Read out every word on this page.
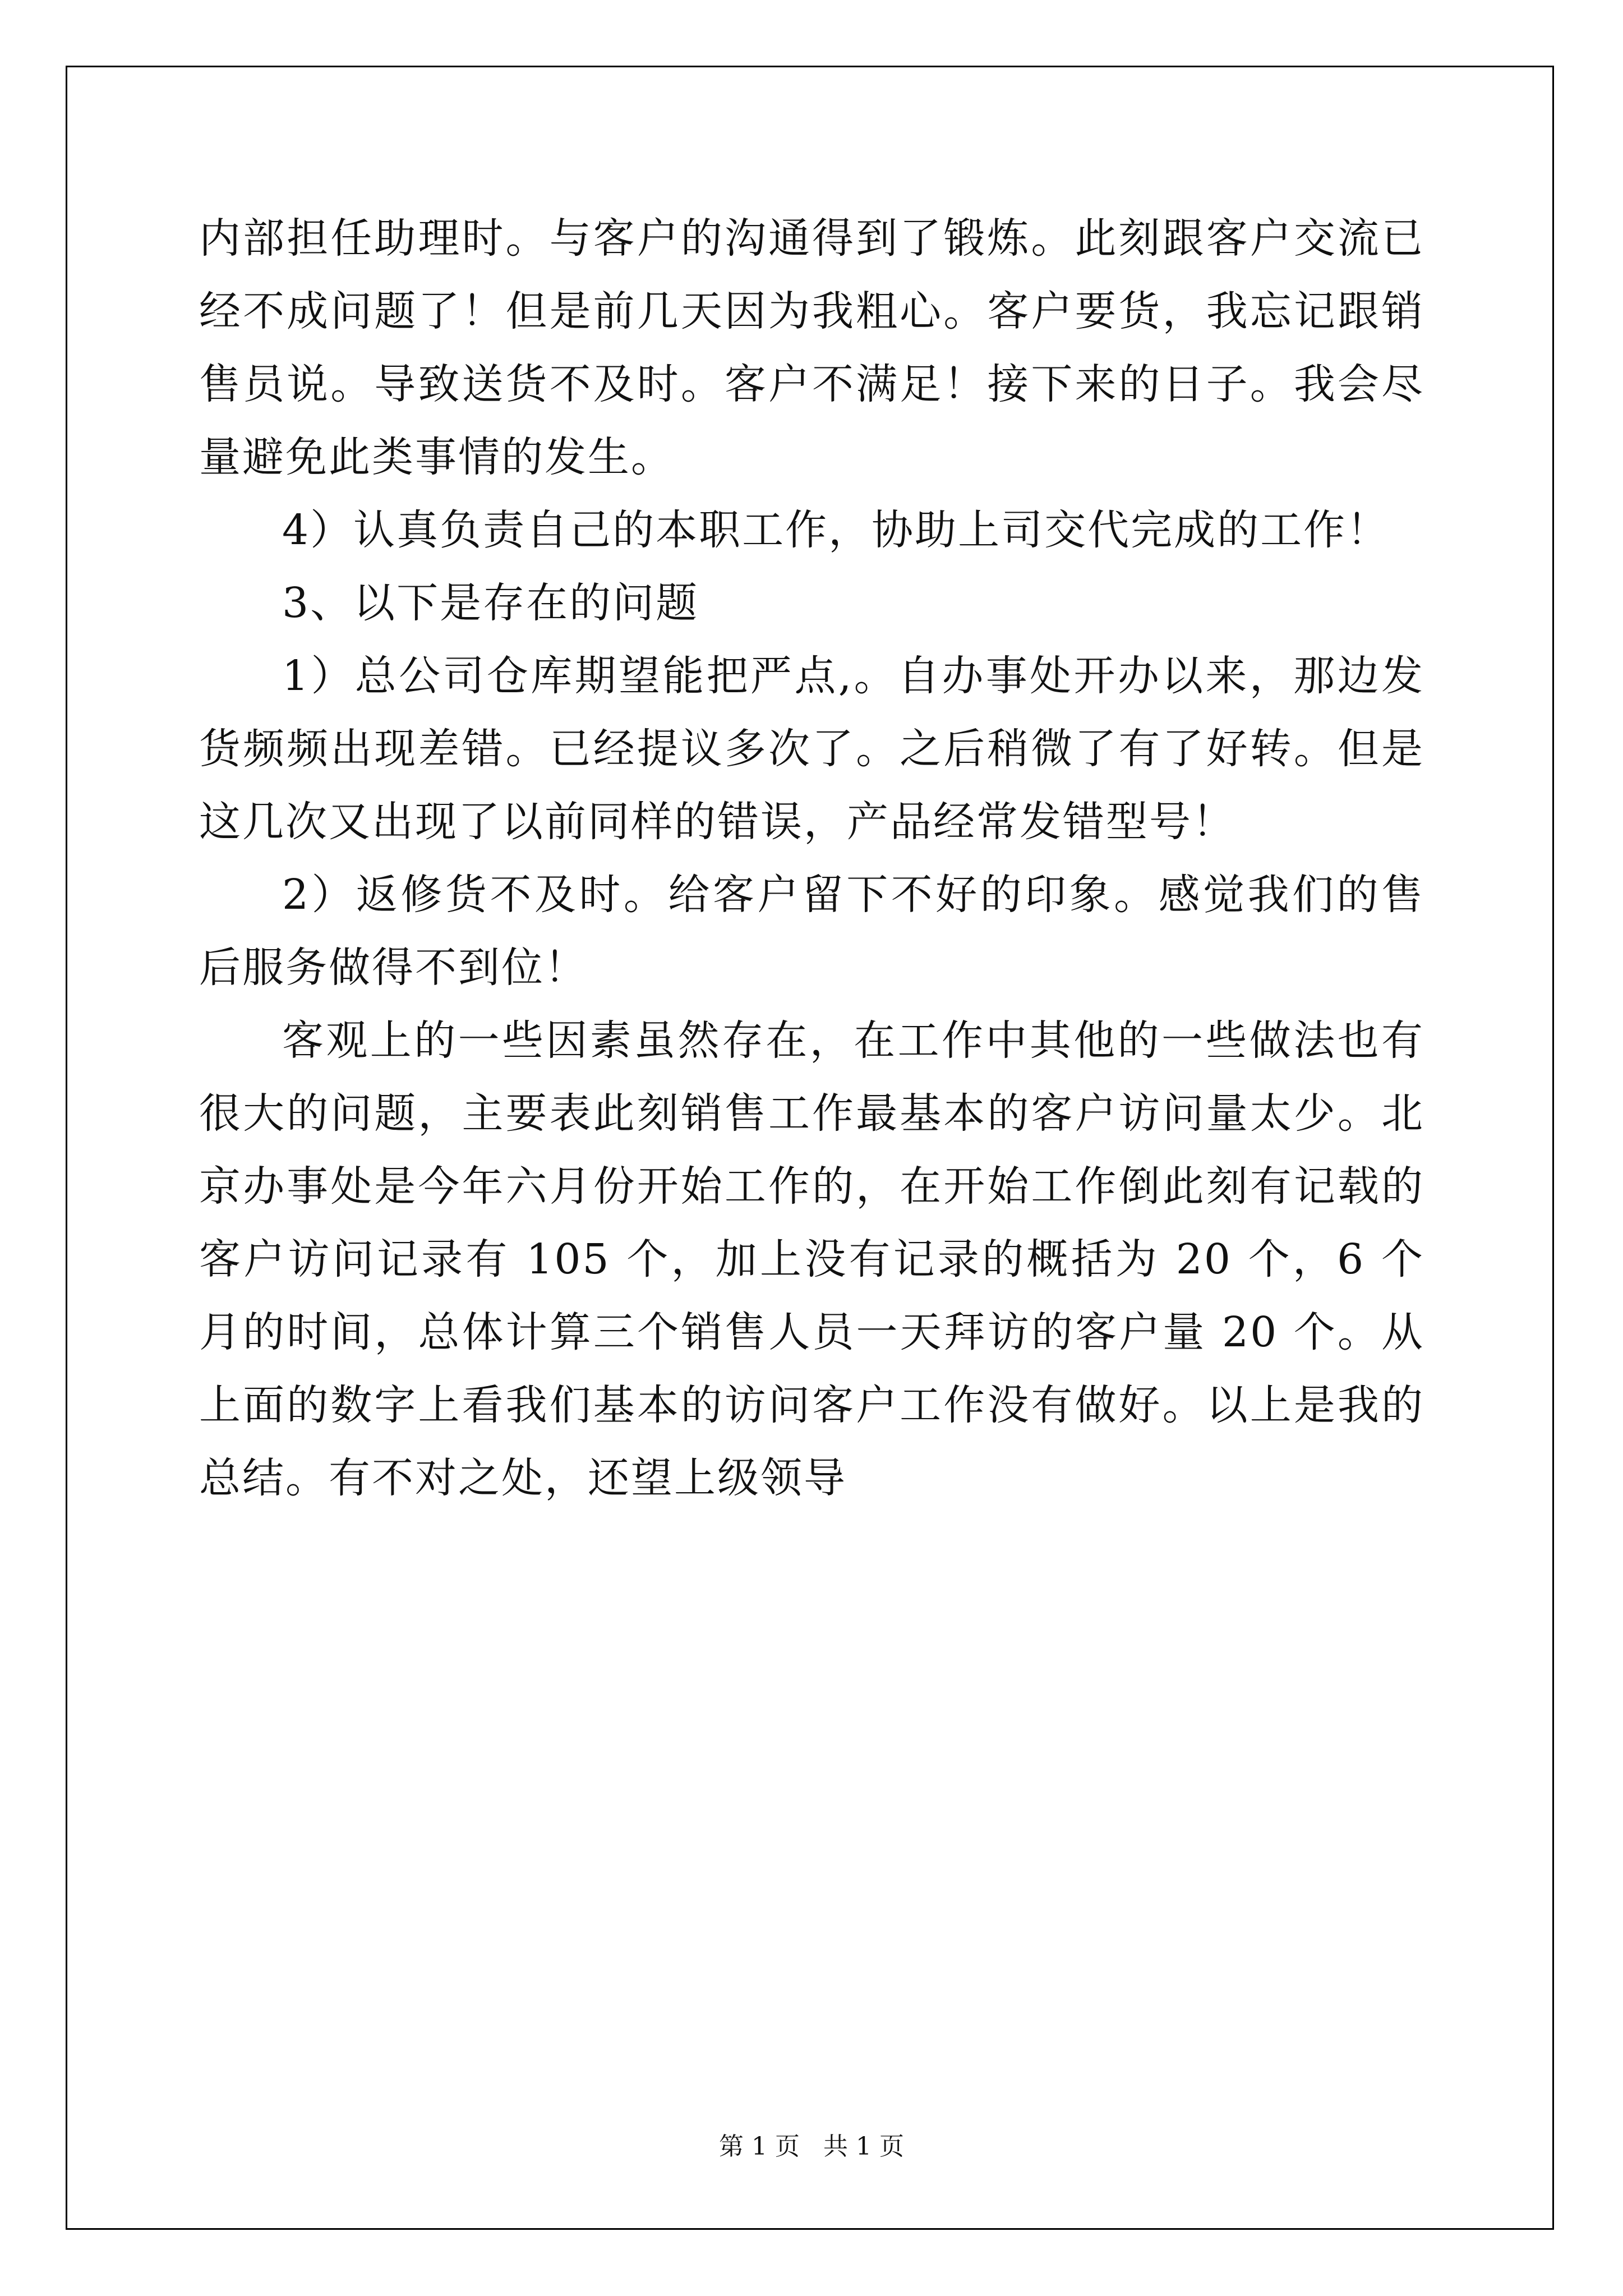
内部担任助理时。与客户的沟通得到了锻炼。此刻跟客户交流已经不成问题了！但是前几天因为我粗心。客户要货，我忘记跟销售员说。导致送货不及时。客户不满足！接下来的日子。我会尽量避免此类事情的发生。

4）认真负责自己的本职工作，协助上司交代完成的工作！

3、以下是存在的问题

1）总公司仓库期望能把严点,。自办事处开办以来，那边发货频频出现差错。已经提议多次了。之后稍微了有了好转。但是这几次又出现了以前同样的错误，产品经常发错型号！

2）返修货不及时。给客户留下不好的印象。感觉我们的售后服务做得不到位！

客观上的一些因素虽然存在，在工作中其他的一些做法也有很大的问题，主要表此刻销售工作最基本的客户访问量太少。北京办事处是今年六月份开始工作的，在开始工作倒此刻有记载的客户访问记录有 105 个，加上没有记录的概括为 20 个，6 个月的时间，总体计算三个销售人员一天拜访的客户量 20 个。从上面的数字上看我们基本的访问客户工作没有做好。以上是我的总结。有不对之处，还望上级领导

第 1 页   共 1 页
